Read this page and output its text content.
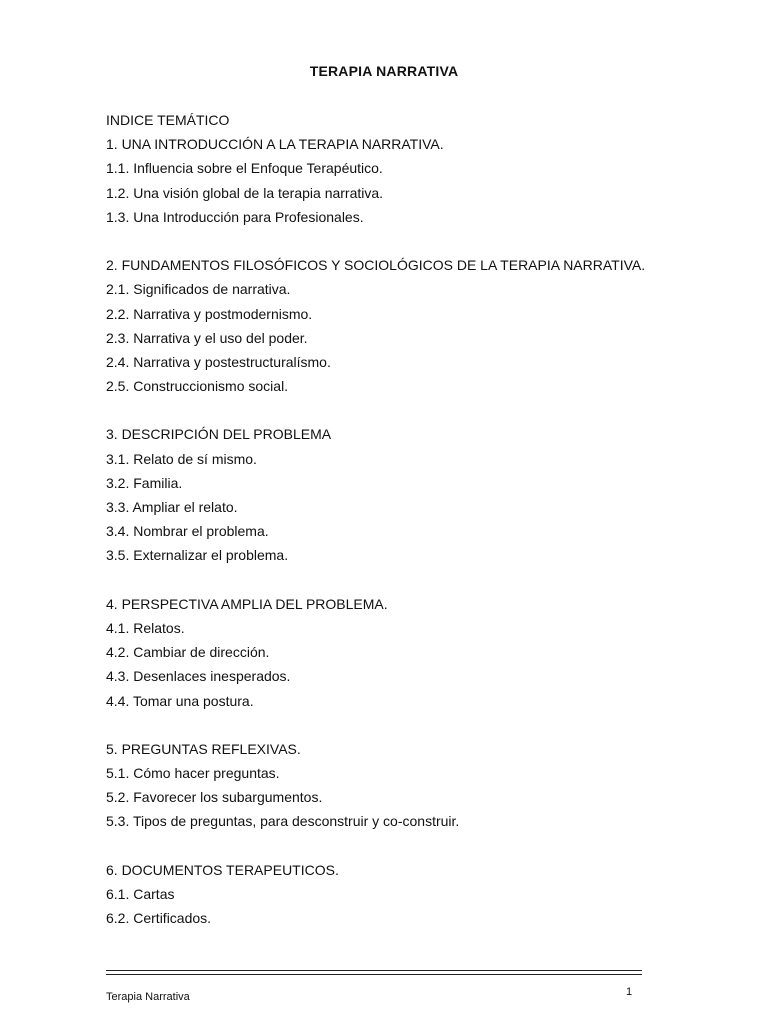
TERAPIA NARRATIVA
INDICE TEMÁTICO
1. UNA INTRODUCCIÓN A LA TERAPIA NARRATIVA.
1.1. Influencia sobre el Enfoque Terapéutico.
1.2. Una visión global de la terapia narrativa.
1.3. Una Introducción para Profesionales.
2. FUNDAMENTOS FILOSÓFICOS Y SOCIOLÓGICOS DE LA TERAPIA NARRATIVA.
2.1. Significados de narrativa.
2.2. Narrativa y postmodernismo.
2.3. Narrativa y el uso del poder.
2.4. Narrativa y postestructuralísmo.
2.5. Construccionismo social.
3. DESCRIPCIÓN DEL PROBLEMA
3.1. Relato de sí mismo.
3.2. Familia.
3.3. Ampliar el relato.
3.4. Nombrar el problema.
3.5. Externalizar el problema.
4. PERSPECTIVA AMPLIA DEL PROBLEMA.
4.1. Relatos.
4.2. Cambiar de dirección.
4.3. Desenlaces inesperados.
4.4. Tomar una postura.
5. PREGUNTAS REFLEXIVAS.
5.1. Cómo hacer preguntas.
5.2. Favorecer los subargumentos.
5.3. Tipos de preguntas, para desconstruir y co-construir.
6. DOCUMENTOS TERAPEUTICOS.
6.1. Cartas
6.2. Certificados.
Terapia Narrativa	1
